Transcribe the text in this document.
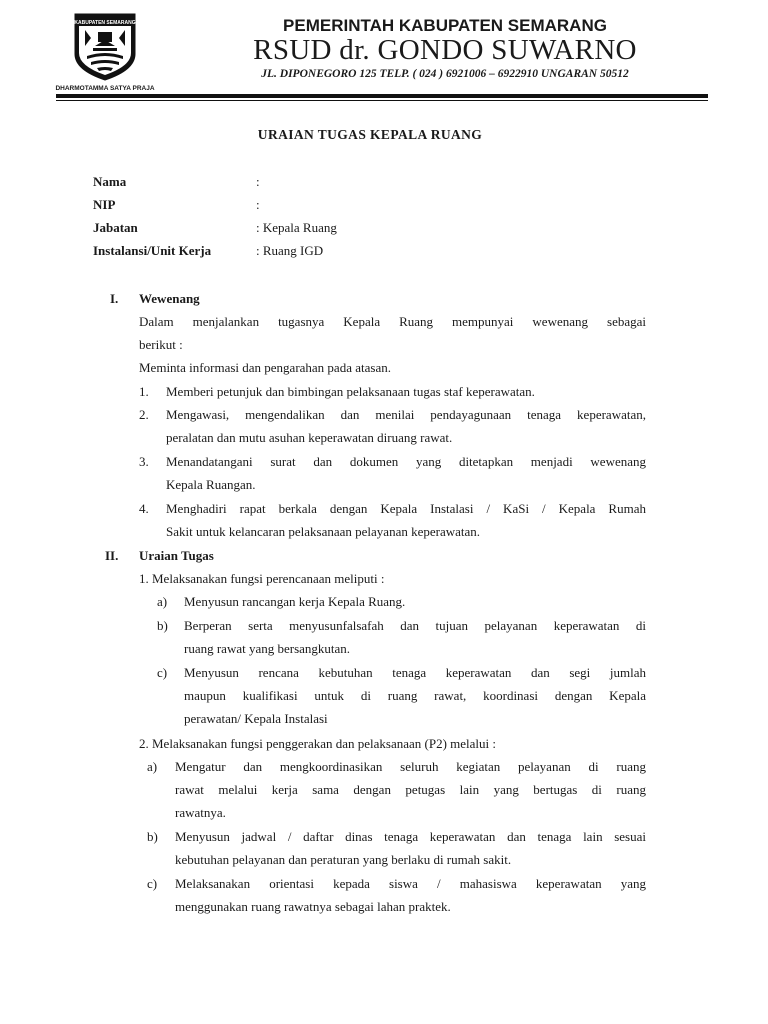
KABUPATEN SEMARANG
DHARMOTAMMA SATYA PRAJA
PEMERINTAH KABUPATEN SEMARANG
RSUD dr. GONDO SUWARNO
JL. DIPONEGORO 125 TELP. ( 024 ) 6921006 – 6922910 UNGARAN 50512
URAIAN TUGAS KEPALA RUANG
Nama	:
NIP	:
Jabatan	: Kepala Ruang
Instalansi/Unit Kerja	: Ruang IGD
I. Wewenang
Dalam menjalankan tugasnya Kepala Ruang mempunyai wewenang sebagai
berikut :
Meminta informasi dan pengarahan pada atasan.
1. Memberi petunjuk dan bimbingan pelaksanaan tugas staf keperawatan.
2. Mengawasi, mengendalikan dan menilai pendayagunaan tenaga keperawatan,
peralatan dan mutu asuhan keperawatan diruang rawat.
3. Menandatangani surat dan dokumen yang ditetapkan menjadi wewenang
Kepala Ruangan.
4. Menghadiri rapat berkala dengan Kepala Instalasi / KaSi / Kepala Rumah
Sakit untuk kelancaran pelaksanaan pelayanan keperawatan.
II. Uraian Tugas
1. Melaksanakan fungsi perencanaan meliputi :
a) Menyusun rancangan kerja Kepala Ruang.
b) Berperan serta menyusunfalsafah dan tujuan pelayanan keperawatan di
ruang rawat yang bersangkutan.
c) Menyusun rencana kebutuhan tenaga keperawatan dan segi jumlah
maupun kualifikasi untuk di ruang rawat, koordinasi dengan Kepala
perawatan/ Kepala Instalasi
2. Melaksanakan fungsi penggerakan dan pelaksanaan (P2) melalui :
a) Mengatur dan mengkoordinasikan seluruh kegiatan pelayanan di ruang
rawat melalui kerja sama dengan petugas lain yang bertugas di ruang
rawatnya.
b) Menyusun jadwal / daftar dinas tenaga keperawatan dan tenaga lain sesuai
kebutuhan pelayanan dan peraturan yang berlaku di rumah sakit.
c) Melaksanakan orientasi kepada siswa / mahasiswa keperawatan yang
menggunakan ruang rawatnya sebagai lahan praktek.
